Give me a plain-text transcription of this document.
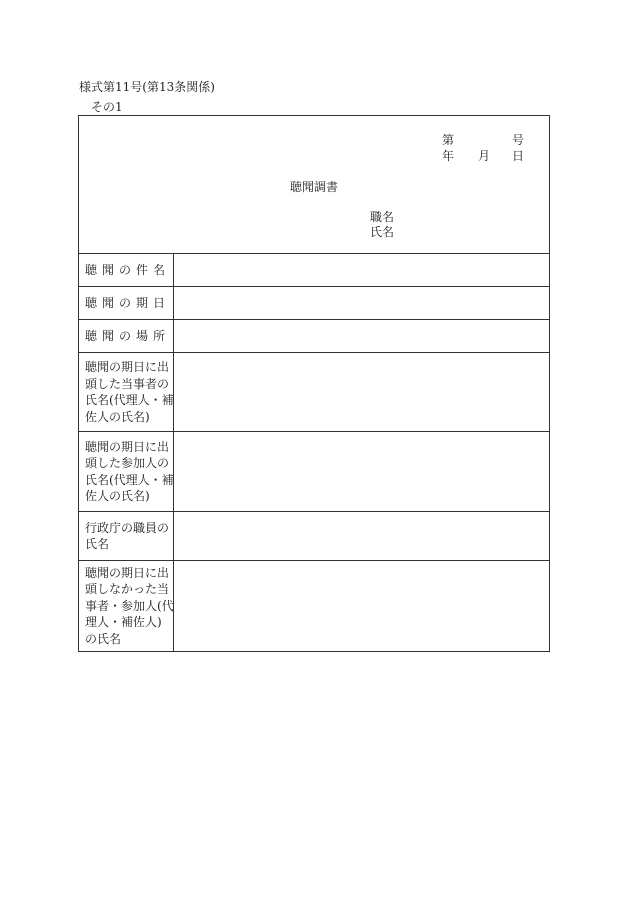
様式第11号(第13条関係)
その1
第	号
年 月 日
聴聞調書
職名
氏名
聴聞の件名
聴聞の期日
聴聞の場所
聴聞の期日に出
頭した当事者の
氏名(代理人・補
佐人の氏名)
聴聞の期日に出
頭した参加人の
氏名(代理人・補
佐人の氏名)
行政庁の職員の
氏名
聴聞の期日に出
頭しなかった当
事者・参加人(代
理人・補佐人)
の氏名
